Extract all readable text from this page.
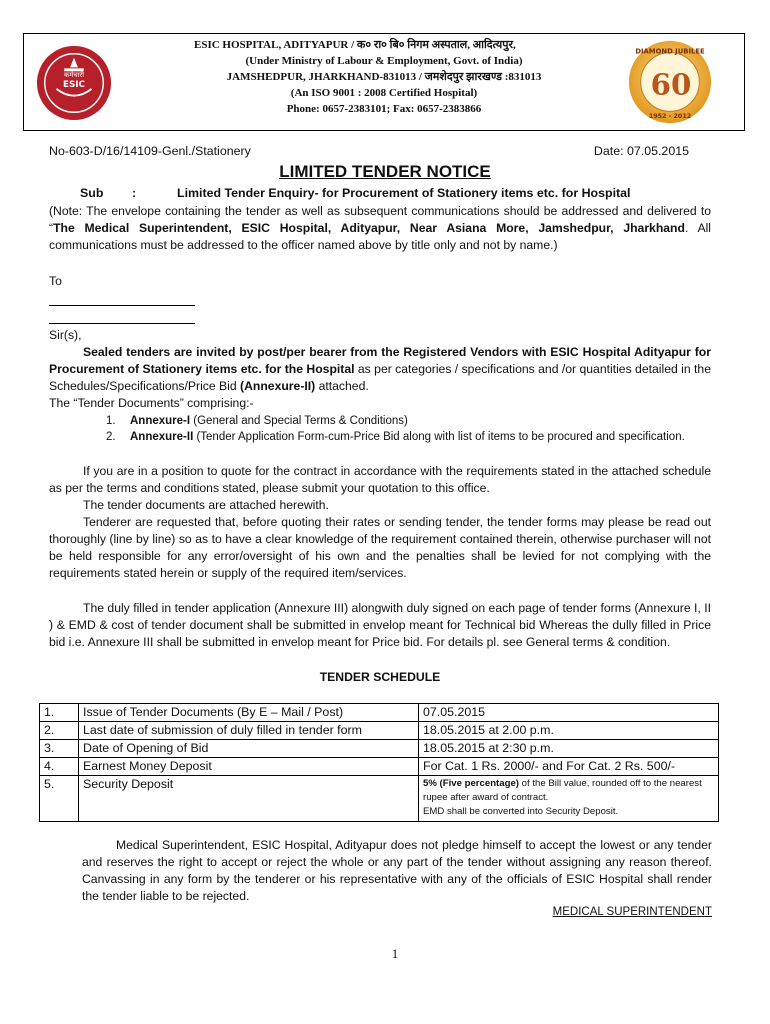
कर्मचारी
ESIC
ESIC HOSPITAL, ADITYAPUR / क० रा० बि० निगम अस्पताल, आदित्यपुर,
(Under Ministry of Labour & Employment, Govt. of India)
JAMSHEDPUR, JHARKHAND-831013 / जमशेदपुर झारखण्ड :831013
(An ISO 9001 : 2008 Certified Hospital)
Phone: 0657-2383101; Fax: 0657-2383866
DIAMOND JUBILEE
60
1952 - 2012
No-603-D/16/14109-Genl./Stationery	Date: 07.05.2015
LIMITED TENDER NOTICE
Sub :	Limited Tender Enquiry- for Procurement of Stationery items etc. for Hospital

(Note: The envelope containing the tender as well as subsequent communications should be addressed and delivered to “The Medical Superintendent, ESIC Hospital, Adityapur, Near Asiana More, Jamshedpur, Jharkhand. All communications must be addressed to the officer named above by title only and not by name.)

To
Sir(s),

Sealed tenders are invited by post/per bearer from the Registered Vendors with ESIC Hospital Adityapur for Procurement of Stationery items etc. for the Hospital as per categories / specifications and /or quantities detailed in the Schedules/Specifications/Price Bid (Annexure-II) attached.

The “Tender Documents” comprising:-
1. Annexure-I (General and Special Terms & Conditions)
2. Annexure-II (Tender Application Form-cum-Price Bid along with list of items to be procured and specification.

If you are in a position to quote for the contract in accordance with the requirements stated in the attached schedule as per the terms and conditions stated, please submit your quotation to this office.

The tender documents are attached herewith.

Tenderer are requested that, before quoting their rates or sending tender, the tender forms may please be read out thoroughly (line by line) so as to have a clear knowledge of the requirement contained therein, otherwise purchaser will not be held responsible for any error/oversight of his own and the penalties shall be levied for not complying with the requirements stated herein or supply of the required item/services.

The duly filled in tender application (Annexure III) alongwith duly signed on each page of tender forms (Annexure I, II ) & EMD & cost of tender document shall be submitted in envelop meant for Technical bid Whereas the dully filled in Price bid i.e. Annexure III shall be submitted in envelop meant for Price bid. For details pl. see General terms & condition.

TENDER SCHEDULE
1.	Issue of Tender Documents (By E – Mail / Post)	07.05.2015
2.	Last date of submission of duly filled in tender form	18.05.2015 at 2.00 p.m.
3.	Date of Opening of Bid	18.05.2015 at 2:30 p.m.
4.	Earnest Money Deposit	For Cat. 1 Rs. 2000/- and For Cat. 2 Rs. 500/-
5.	Security Deposit	5% (Five percentage) of the Bill value, rounded off to the nearest rupee after award of contract.
EMD shall be converted into Security Deposit.

Medical Superintendent, ESIC Hospital, Adityapur does not pledge himself to accept the lowest or any tender and reserves the right to accept or reject the whole or any part of the tender without assigning any reason thereof. Canvassing in any form by the tenderer or his representative with any of the officials of ESIC Hospital shall render the tender liable to be rejected.

MEDICAL SUPERINTENDENT
1
